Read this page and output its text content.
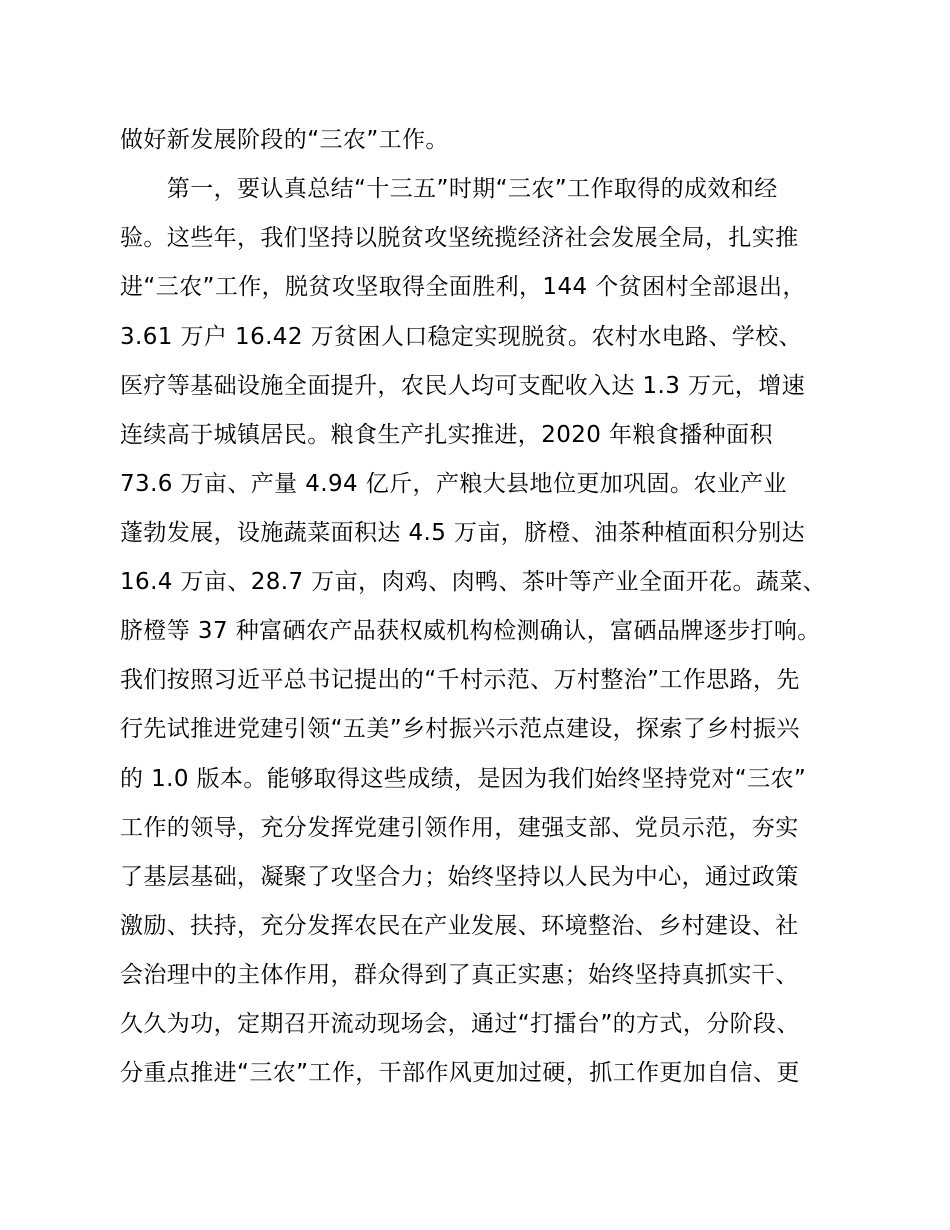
做好新发展阶段的“三农”工作。

　　第一，要认真总结“十三五”时期“三农”工作取得的成效和经

验。这些年，我们坚持以脱贫攻坚统揽经济社会发展全局，扎实推

进“三农”工作，脱贫攻坚取得全面胜利，144 个贫困村全部退出，

3.61 万户 16.42 万贫困人口稳定实现脱贫。农村水电路、学校、

医疗等基础设施全面提升，农民人均可支配收入达 1.3 万元，增速

连续高于城镇居民。粮食生产扎实推进，2020 年粮食播种面积

73.6 万亩、产量 4.94 亿斤，产粮大县地位更加巩固。农业产业

蓬勃发展，设施蔬菜面积达 4.5 万亩，脐橙、油茶种植面积分别达

16.4 万亩、28.7 万亩，肉鸡、肉鸭、茶叶等产业全面开花。蔬菜、

脐橙等 37 种富硒农产品获权威机构检测确认，富硒品牌逐步打响。

我们按照习近平总书记提出的“千村示范、万村整治”工作思路，先

行先试推进党建引领“五美”乡村振兴示范点建设，探索了乡村振兴

的 1.0 版本。能够取得这些成绩，是因为我们始终坚持党对“三农”

工作的领导，充分发挥党建引领作用，建强支部、党员示范，夯实

了基层基础，凝聚了攻坚合力；始终坚持以人民为中心，通过政策

激励、扶持，充分发挥农民在产业发展、环境整治、乡村建设、社

会治理中的主体作用，群众得到了真正实惠；始终坚持真抓实干、

久久为功，定期召开流动现场会，通过“打擂台”的方式，分阶段、

分重点推进“三农”工作，干部作风更加过硬，抓工作更加自信、更
